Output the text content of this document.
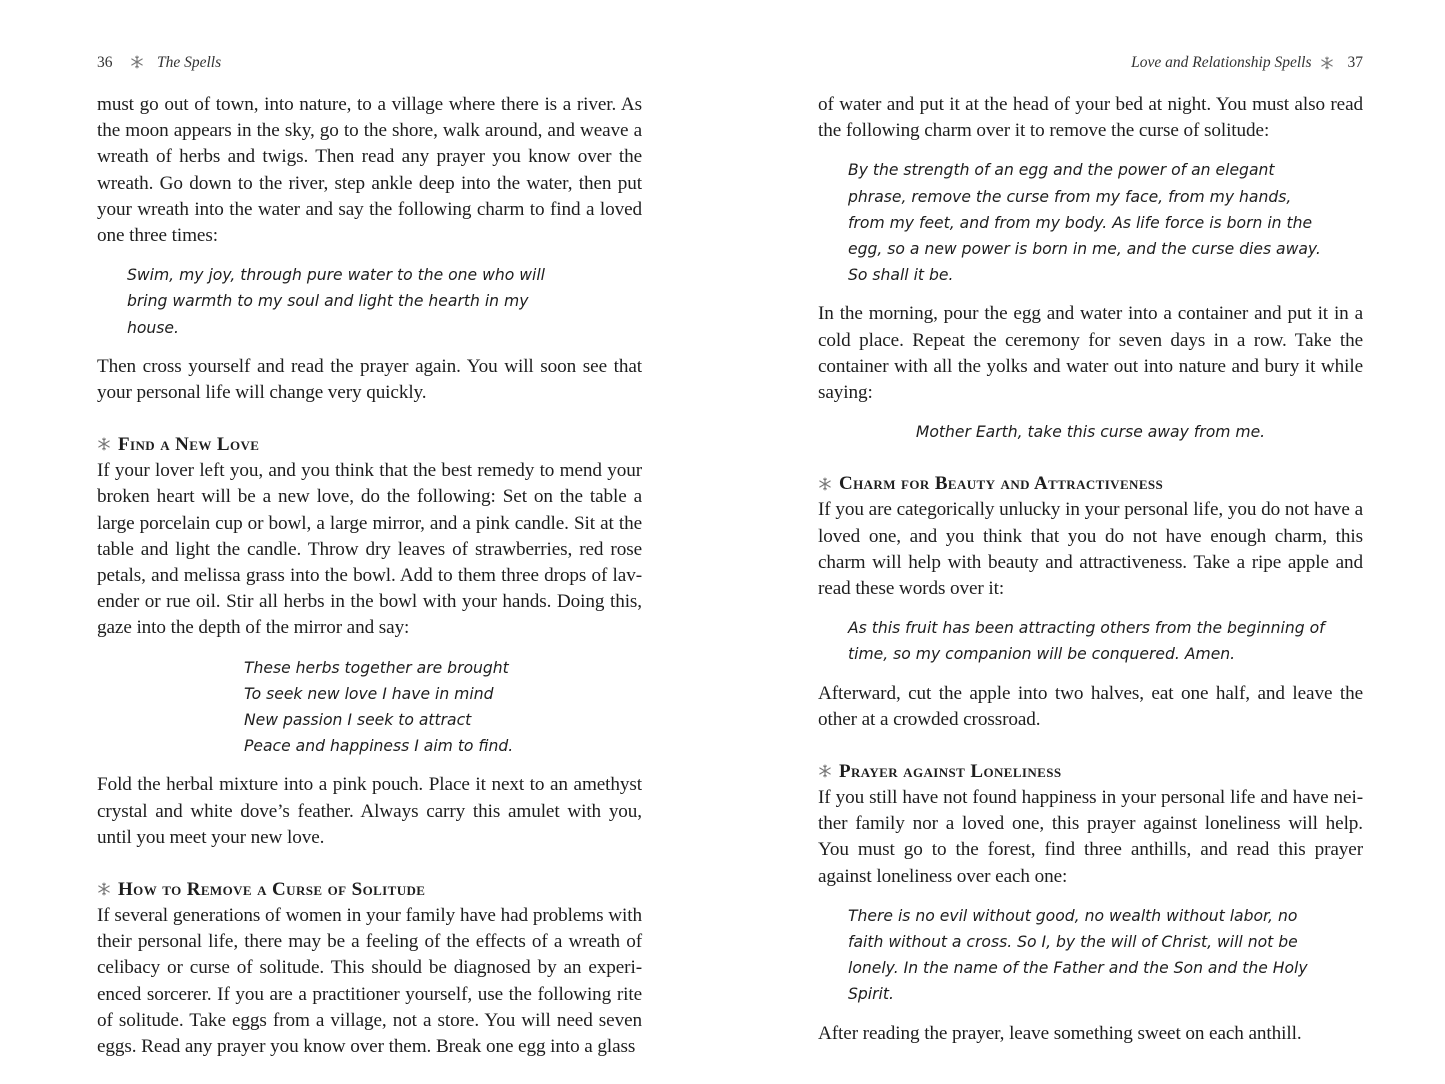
36	The Spells

must go out of town, into nature, to a village where there is a river. As the moon appears in the sky, go to the shore, walk around, and weave a wreath of herbs and twigs. Then read any prayer you know over the wreath. Go down to the river, step ankle deep into the water, then put your wreath into the water and say the following charm to find a loved one three times:

Swim, my joy, through pure water to the one who will bring warmth to my soul and light the hearth in my house.

Then cross yourself and read the prayer again. You will soon see that your personal life will change very quickly.

Find a New Love

If your lover left you, and you think that the best remedy to mend your broken heart will be a new love, do the following: Set on the table a large porcelain cup or bowl, a large mirror, and a pink candle. Sit at the table and light the candle. Throw dry leaves of strawberries, red rose petals, and melissa grass into the bowl. Add to them three drops of lav-ender or rue oil. Stir all herbs in the bowl with your hands. Doing this, gaze into the depth of the mirror and say:

These herbs together are brought
To seek new love I have in mind
New passion I seek to attract
Peace and happiness I aim to find.

Fold the herbal mixture into a pink pouch. Place it next to an amethyst crystal and white dove’s feather. Always carry this amulet with you, until you meet your new love.

How to Remove a Curse of Solitude

If several generations of women in your family have had problems with their personal life, there may be a feeling of the effects of a wreath of celibacy or curse of solitude. This should be diagnosed by an experi-enced sorcerer. If you are a practitioner yourself, use the following rite of solitude. Take eggs from a village, not a store. You will need seven eggs. Read any prayer you know over them. Break one egg into a glass

Love and Relationship Spells 37

of water and put it at the head of your bed at night. You must also read the following charm over it to remove the curse of solitude:

By the strength of an egg and the power of an elegant phrase, remove the curse from my face, from my hands, from my feet, and from my body. As life force is born in the egg, so a new power is born in me, and the curse dies away. So shall it be.

In the morning, pour the egg and water into a container and put it in a cold place. Repeat the ceremony for seven days in a row. Take the container with all the yolks and water out into nature and bury it while saying:

Mother Earth, take this curse away from me.
Charm for Beauty and Attractiveness

If you are categorically unlucky in your personal life, you do not have a loved one, and you think that you do not have enough charm, this charm will help with beauty and attractiveness. Take a ripe apple and read these words over it:

As this fruit has been attracting others from the beginning of time, so my companion will be conquered. Amen.

Afterward, cut the apple into two halves, eat one half, and leave the other at a crowded crossroad.

Prayer against Loneliness

If you still have not found happiness in your personal life and have nei-ther family nor a loved one, this prayer against loneliness will help. You must go to the forest, find three anthills, and read this prayer against loneliness over each one:

There is no evil without good, no wealth without labor, no faith without a cross. So I, by the will of Christ, will not be lonely. In the name of the Father and the Son and the Holy Spirit.

After reading the prayer, leave something sweet on each anthill.
